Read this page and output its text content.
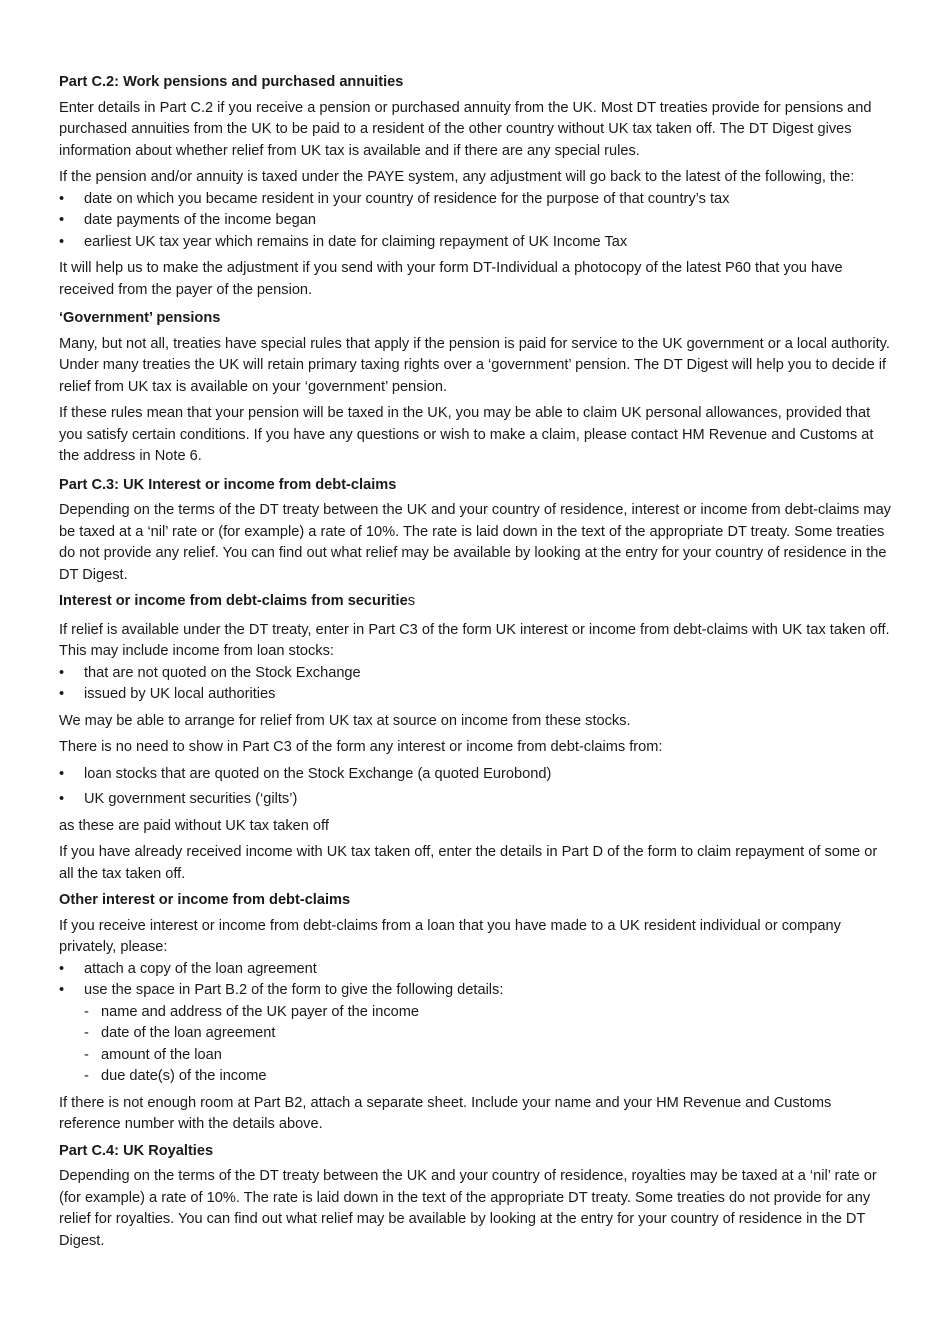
Part C.2: Work pensions and purchased annuities

Enter details in Part C.2 if you receive a pension or purchased annuity from the UK. Most DT treaties provide for pensions and purchased annuities from the UK to be paid to a resident of the other country without UK tax taken off. The DT Digest gives information about whether relief from UK tax is available and if there are any special rules.

If the pension and/or annuity is taxed under the PAYE system, any adjustment will go back to the latest of the following, the:

• date on which you became resident in your country of residence for the purpose of that country’s tax
• date payments of the income began
• earliest UK tax year which remains in date for claiming repayment of UK Income Tax

It will help us to make the adjustment if you send with your form DT-Individual a photocopy of the latest P60 that you have received from the payer of the pension.

‘Government’ pensions

Many, but not all, treaties have special rules that apply if the pension is paid for service to the UK government or a local authority. Under many treaties the UK will retain primary taxing rights over a ‘government’ pension. The DT Digest will help you to decide if relief from UK tax is available on your ‘government’ pension.

If these rules mean that your pension will be taxed in the UK, you may be able to claim UK personal allowances, provided that you satisfy certain conditions. If you have any questions or wish to make a claim, please contact HM Revenue and Customs at the address in Note 6.

Part C.3: UK Interest or income from debt-claims

Depending on the terms of the DT treaty between the UK and your country of residence, interest or income from debt-claims may be taxed at a ‘nil’ rate or (for example) a rate of 10%. The rate is laid down in the text of the appropriate DT treaty. Some treaties do not provide any relief. You can find out what relief may be available by looking at the entry for your country of residence in the DT Digest.

Interest or income from debt-claims from securities

If relief is available under the DT treaty, enter in Part C3 of the form UK interest or income from debt-claims with UK tax taken off. This may include income from loan stocks:

• that are not quoted on the Stock Exchange
• issued by UK local authorities

We may be able to arrange for relief from UK tax at source on income from these stocks.

There is no need to show in Part C3 of the form any interest or income from debt-claims from:

• loan stocks that are quoted on the Stock Exchange (a quoted Eurobond)
• UK government securities (‘gilts’)

as these are paid without UK tax taken off

If you have already received income with UK tax taken off, enter the details in Part D of the form to claim repayment of some or all the tax taken off.

Other interest or income from debt-claims

If you receive interest or income from debt-claims from a loan that you have made to a UK resident individual or company privately, please:

• attach a copy of the loan agreement
• use the space in Part B.2 of the form to give the following details:
- name and address of the UK payer of the income
- date of the loan agreement
- amount of the loan
- due date(s) of the income

If there is not enough room at Part B2, attach a separate sheet. Include your name and your HM Revenue and Customs reference number with the details above.

Part C.4: UK Royalties

Depending on the terms of the DT treaty between the UK and your country of residence, royalties may be taxed at a ‘nil’ rate or (for example) a rate of 10%. The rate is laid down in the text of the appropriate DT treaty. Some treaties do not provide for any relief for royalties. You can find out what relief may be available by looking at the entry for your country of residence in the DT Digest.
